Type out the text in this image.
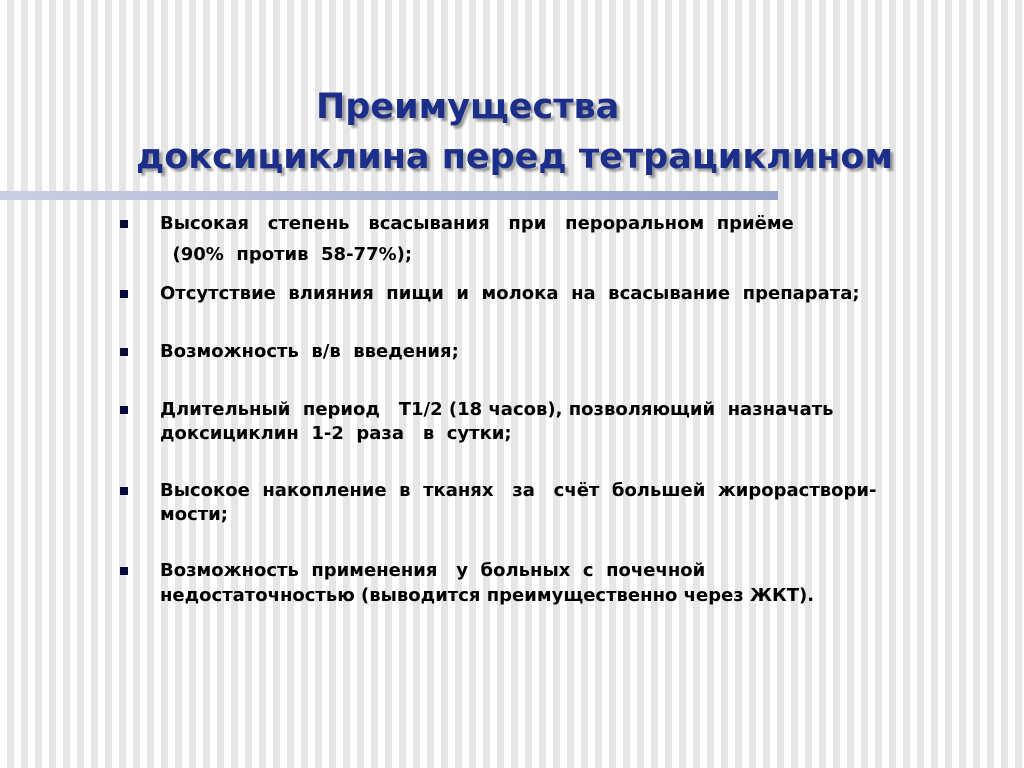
Преимущества
доксициклина перед тетрациклином
Высокая   степень   всасывания   при   пероральном  приёме
(90%  против  58-77%);
Отсутствие  влияния  пищи  и  молока  на  всасывание  препарата;
Возможность  в/в  введения;
Длительный  период   Т1/2 (18 часов), позволяющий  назначать
доксициклин  1-2  раза   в  сутки;
Высокое  накопление  в  тканях   за   счёт  большей  жирораствори-
мости;
Возможность  применения   у  больных  с  почечной
недостаточностью (выводится преимущественно через ЖКТ).
